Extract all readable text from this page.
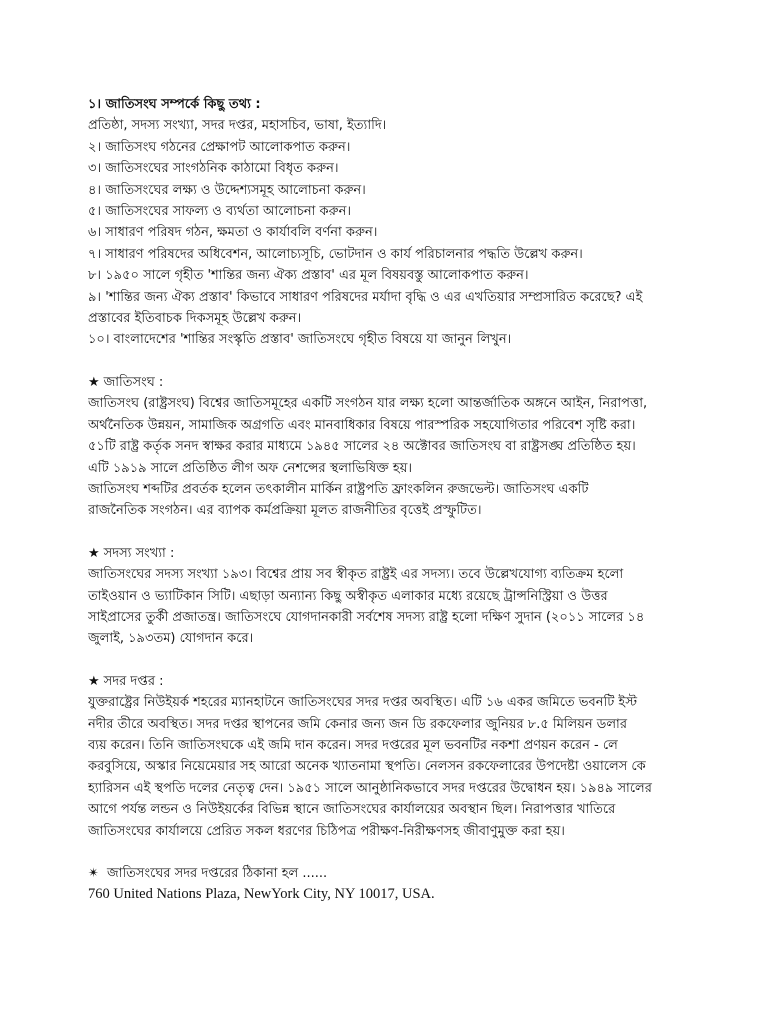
১। জাতিসংঘ সম্পর্কে কিছু তথ্য :
প্রতিষ্ঠা, সদস্য সংখ্যা, সদর দপ্তর, মহাসচিব, ভাষা, ইত্যাদি।
২। জাতিসংঘ গঠনের প্রেক্ষাপট আলোকপাত করুন।
৩। জাতিসংঘের সাংগঠনিক কাঠামো বিধৃত করুন।
৪। জাতিসংঘের লক্ষ্য ও উদ্দেশ্যসমূহ আলোচনা করুন।
৫। জাতিসংঘের সাফল্য ও ব্যর্থতা আলোচনা করুন।
৬। সাধারণ পরিষদ গঠন, ক্ষমতা ও কার্যাবলি বর্ণনা করুন।
৭। সাধারণ পরিষদের অধিবেশন, আলোচ্যসূচি, ভোটদান ও কার্য পরিচালনার পদ্ধতি উল্লেখ করুন।
৮। ১৯৫০ সালে গৃহীত 'শান্তির জন্য ঐক্য প্রস্তাব' এর মূল বিষয়বস্তু আলোকপাত করুন।
৯। 'শান্তির জন্য ঐক্য প্রস্তাব' কিভাবে সাধারণ পরিষদের মর্যাদা বৃদ্ধি ও এর এখতিয়ার সম্প্রসারিত করেছে? এই
প্রস্তাবের ইতিবাচক দিকসমূহ উল্লেখ করুন।
১০। বাংলাদেশের 'শান্তির সংস্কৃতি প্রস্তাব' জাতিসংঘে গৃহীত বিষয়ে যা জানুন লিখুন।
★ জাতিসংঘ :
জাতিসংঘ (রাষ্ট্রসংঘ) বিশ্বের জাতিসমূহের একটি সংগঠন যার লক্ষ্য হলো আন্তর্জাতিক অঙ্গনে আইন, নিরাপত্তা,
অর্থনৈতিক উন্নয়ন, সামাজিক অগ্রগতি এবং মানবাধিকার বিষয়ে পারস্পরিক সহযোগিতার পরিবেশ সৃষ্টি করা।
৫১টি রাষ্ট্র কর্তৃক সনদ স্বাক্ষর করার মাধ্যমে ১৯৪৫ সালের ২৪ অক্টোবর জাতিসংঘ বা রাষ্ট্রসঙ্ঘ প্রতিষ্ঠিত হয়।
এটি ১৯১৯ সালে প্রতিষ্ঠিত লীগ অফ নেশন্সের স্থলাভিষিক্ত হয়।
জাতিসংঘ শব্দটির প্রবর্তক হলেন তৎকালীন মার্কিন রাষ্ট্রপতি ফ্রাংকলিন রুজভেল্ট। জাতিসংঘ একটি
রাজনৈতিক সংগঠন। এর ব্যাপক কর্মপ্রক্রিয়া মূলত রাজনীতির বৃত্তেই প্রস্ফুটিত।
★ সদস্য সংখ্যা :
জাতিসংঘের সদস্য সংখ্যা ১৯৩। বিশ্বের প্রায় সব স্বীকৃত রাষ্ট্রই এর সদস্য। তবে উল্লেখযোগ্য ব্যতিক্রম হলো
তাইওয়ান ও ভ্যাটিকান সিটি। এছাড়া অন্যান্য কিছু অস্বীকৃত এলাকার মধ্যে রয়েছে ট্রান্সনিস্ট্রিয়া ও উত্তর
সাইপ্রাসের তুর্কী প্রজাতন্ত্র। জাতিসংঘে যোগদানকারী সর্বশেষ সদস্য রাষ্ট্র হলো দক্ষিণ সুদান (২০১১ সালের ১৪
জুলাই, ১৯৩তম) যোগদান করে।
★ সদর দপ্তর :
যুক্তরাষ্ট্রের নিউইয়র্ক শহরের ম্যানহাটনে জাতিসংঘের সদর দপ্তর অবস্থিত। এটি ১৬ একর জমিতে ভবনটি ইস্ট
নদীর তীরে অবস্থিত। সদর দপ্তর স্থাপনের জমি কেনার জন্য জন ডি রকফেলার জুনিয়র ৮.৫ মিলিয়ন ডলার
ব্যয় করেন। তিনি জাতিসংঘকে এই জমি দান করেন। সদর দপ্তরের মূল ভবনটির নকশা প্রণয়ন করেন - লে
করবুসিয়ে, অস্কার নিয়েমেয়ার সহ আরো অনেক খ্যাতনামা স্থপতি। নেলসন রকফেলারের উপদেষ্টা ওয়ালেস কে
হ্যারিসন এই স্থপতি দলের নেতৃত্ব দেন। ১৯৫১ সালে আনুষ্ঠানিকভাবে সদর দপ্তরের উদ্বোধন হয়। ১৯৪৯ সালের
আগে পর্যন্ত লন্ডন ও নিউইয়র্কের বিভিন্ন স্থানে জাতিসংঘের কার্যালয়ের অবস্থান ছিল। নিরাপত্তার খাতিরে
জাতিসংঘের কার্যালয়ে প্রেরিত সকল ধরণের চিঠিপত্র পরীক্ষণ-নিরীক্ষণসহ জীবাণুমুক্ত করা হয়।
✴ জাতিসংঘের সদর দপ্তরের ঠিকানা হল ......
760 United Nations Plaza, NewYork City, NY 10017, USA.
